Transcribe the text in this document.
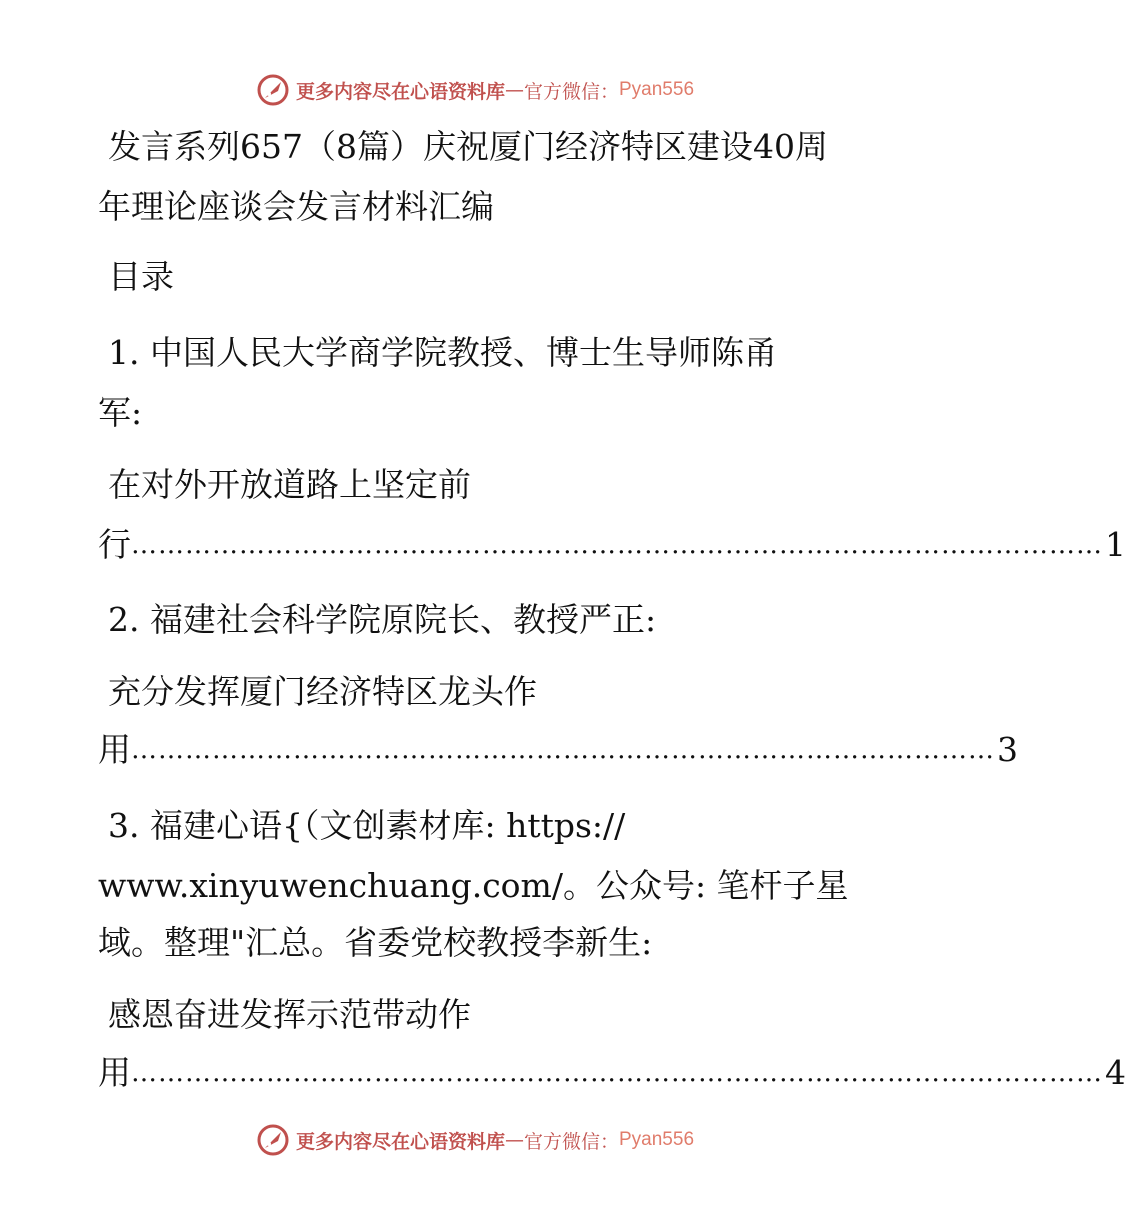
更多内容尽在心语资料库 — 官方微信： Pyan556
发言系列657（8篇）庆祝厦门经济特区建设40周
年理论座谈会发言材料汇编
目录
1. 中国人民大学商学院教授、博士生导师陈甬
军:
在对外开放道路上坚定前
行 ……………………………………………………………………………………………… 1
2. 福建社会科学院原院长、教授严正:
充分发挥厦门经济特区龙头作
用 …………………………………………………………………………………… 3
3. 福建心语{（文创素材库: https://
www.xinyuwenchuang.com/。公众号: 笔杆子星
域。整理"汇总。省委党校教授李新生:
感恩奋进发挥示范带动作
用 ……………………………………………………………………………………………… 4
更多内容尽在心语资料库 — 官方微信： Pyan556
